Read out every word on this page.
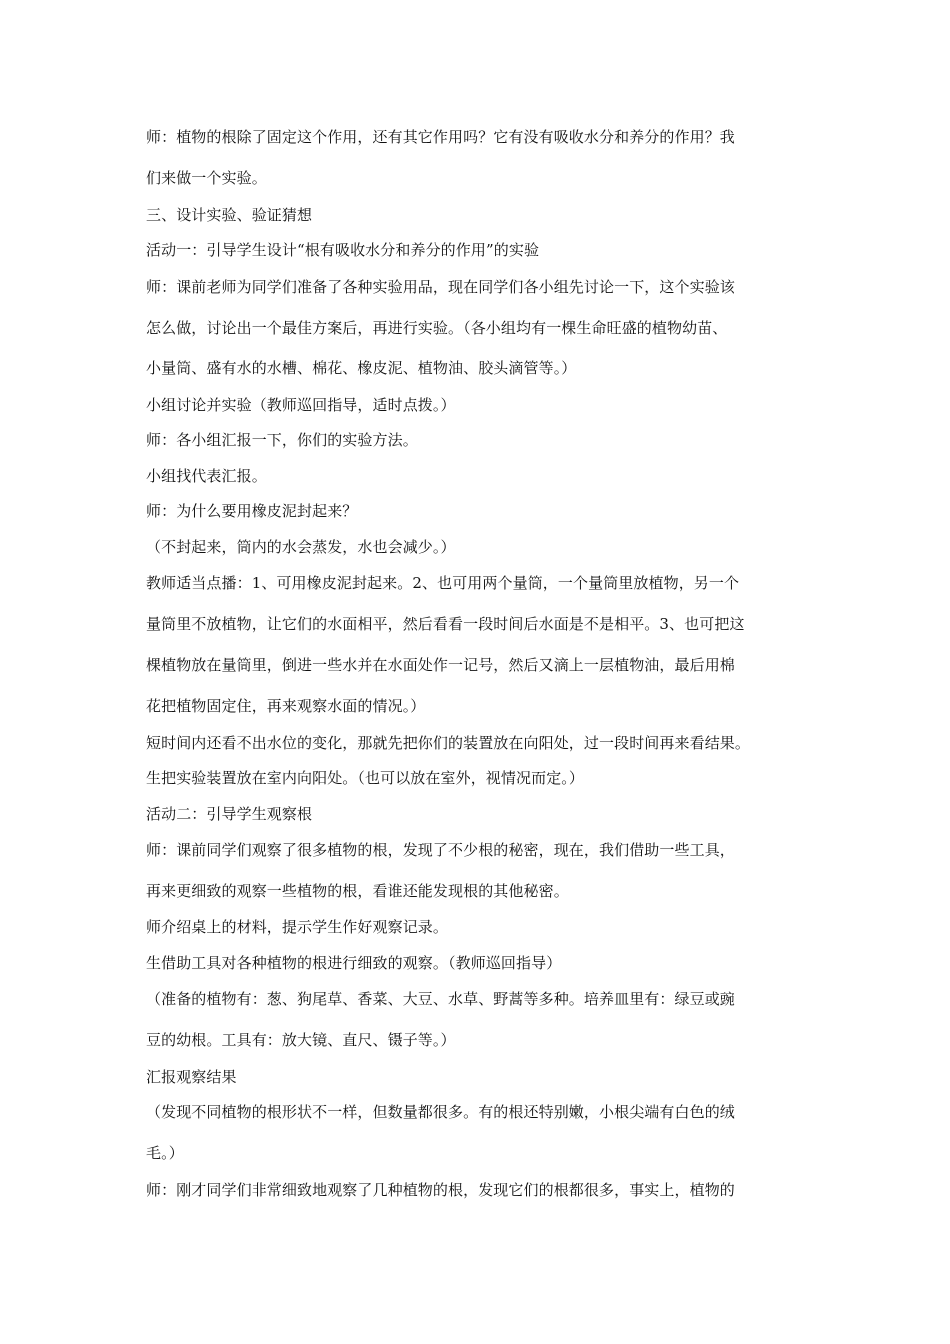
师：植物的根除了固定这个作用，还有其它作用吗？它有没有吸收水分和养分的作用？我
们来做一个实验。
三、设计实验、验证猜想
活动一：引导学生设计“根有吸收水分和养分的作用”的实验
师：课前老师为同学们准备了各种实验用品，现在同学们各小组先讨论一下，这个实验该
怎么做，讨论出一个最佳方案后，再进行实验。（各小组均有一棵生命旺盛的植物幼苗、
小量筒、盛有水的水槽、棉花、橡皮泥、植物油、胶头滴管等。）
小组讨论并实验（教师巡回指导，适时点拨。）
师：各小组汇报一下，你们的实验方法。
小组找代表汇报。
师：为什么要用橡皮泥封起来？
（不封起来，筒内的水会蒸发，水也会减少。）
教师适当点播：1、可用橡皮泥封起来。2、也可用两个量筒，一个量筒里放植物，另一个
量筒里不放植物，让它们的水面相平，然后看看一段时间后水面是不是相平。3、也可把这
棵植物放在量筒里，倒进一些水并在水面处作一记号，然后又滴上一层植物油，最后用棉
花把植物固定住，再来观察水面的情况。）
短时间内还看不出水位的变化，那就先把你们的装置放在向阳处，过一段时间再来看结果。
生把实验装置放在室内向阳处。（也可以放在室外，视情况而定。）
活动二：引导学生观察根
师：课前同学们观察了很多植物的根，发现了不少根的秘密，现在，我们借助一些工具，
再来更细致的观察一些植物的根，看谁还能发现根的其他秘密。
师介绍桌上的材料，提示学生作好观察记录。
生借助工具对各种植物的根进行细致的观察。（教师巡回指导）
（准备的植物有：葱、狗尾草、香菜、大豆、水草、野蒿等多种。培养皿里有：绿豆或豌
豆的幼根。工具有：放大镜、直尺、镊子等。）
汇报观察结果
（发现不同植物的根形状不一样，但数量都很多。有的根还特别嫩，小根尖端有白色的绒
毛。）
师：刚才同学们非常细致地观察了几种植物的根，发现它们的根都很多，事实上，植物的
